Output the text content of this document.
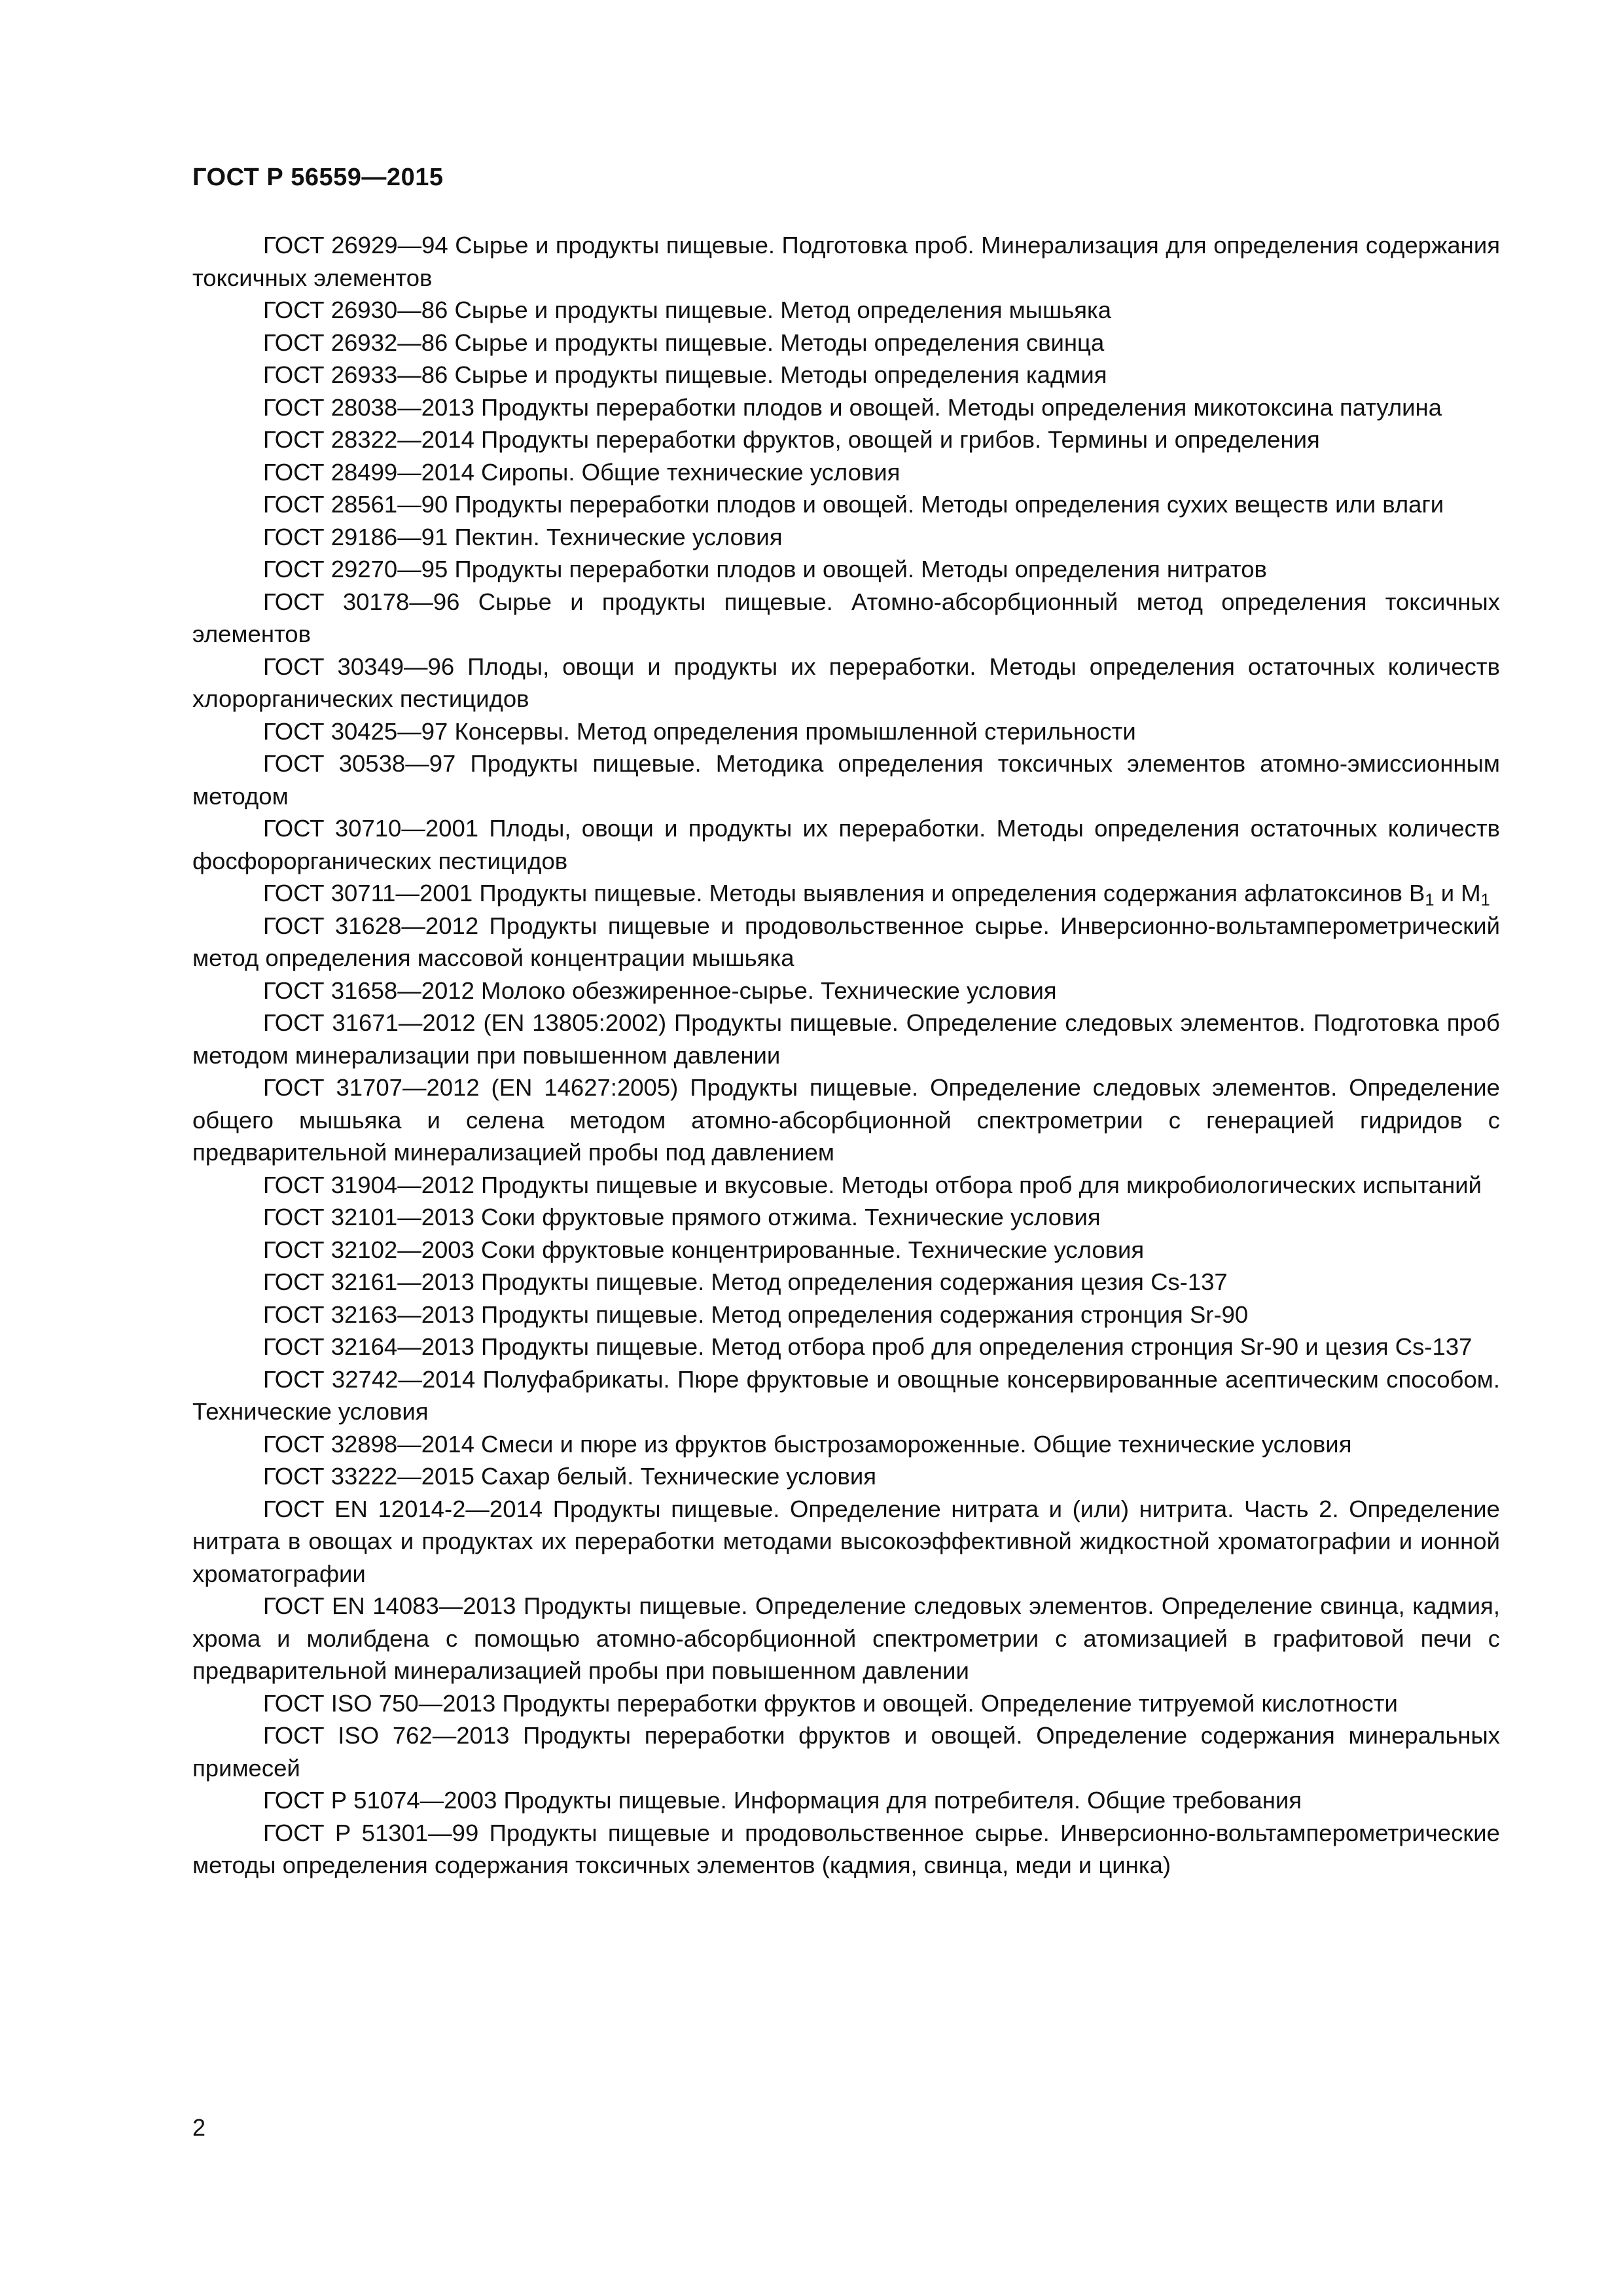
ГОСТ Р 56559—2015

ГОСТ 26929—94 Сырье и продукты пищевые. Подготовка проб. Минерализация для определения содержания токсичных элементов

ГОСТ 26930—86 Сырье и продукты пищевые. Метод определения мышьяка

ГОСТ 26932—86 Сырье и продукты пищевые. Методы определения свинца

ГОСТ 26933—86 Сырье и продукты пищевые. Методы определения кадмия

ГОСТ 28038—2013 Продукты переработки плодов и овощей. Методы определения микотоксина патулина

ГОСТ 28322—2014 Продукты переработки фруктов, овощей и грибов. Термины и определения

ГОСТ 28499—2014 Сиропы. Общие технические условия

ГОСТ 28561—90 Продукты переработки плодов и овощей. Методы определения сухих веществ или влаги

ГОСТ 29186—91 Пектин. Технические условия

ГОСТ 29270—95 Продукты переработки плодов и овощей. Методы определения нитратов

ГОСТ 30178—96 Сырье и продукты пищевые. Атомно-абсорбционный метод определения токсичных элементов

ГОСТ 30349—96 Плоды, овощи и продукты их переработки. Методы определения остаточных количеств хлорорганических пестицидов

ГОСТ 30425—97 Консервы. Метод определения промышленной стерильности

ГОСТ 30538—97 Продукты пищевые. Методика определения токсичных элементов атомно-эмиссионным методом

ГОСТ 30710—2001 Плоды, овощи и продукты их переработки. Методы определения остаточных количеств фосфорорганических пестицидов

ГОСТ 30711—2001 Продукты пищевые. Методы выявления и определения содержания афлатоксинов $B_1$ и $M_1$

ГОСТ 31628—2012 Продукты пищевые и продовольственное сырье. Инверсионно-вольтамперометрический метод определения массовой концентрации мышьяка

ГОСТ 31658—2012 Молоко обезжиренное-сырье. Технические условия

ГОСТ 31671—2012 (EN 13805:2002) Продукты пищевые. Определение следовых элементов. Подготовка проб методом минерализации при повышенном давлении

ГОСТ 31707—2012 (EN 14627:2005) Продукты пищевые. Определение следовых элементов. Определение общего мышьяка и селена методом атомно-абсорбционной спектрометрии с генерацией гидридов с предварительной минерализацией пробы под давлением

ГОСТ 31904—2012 Продукты пищевые и вкусовые. Методы отбора проб для микробиологических испытаний

ГОСТ 32101—2013 Соки фруктовые прямого отжима. Технические условия

ГОСТ 32102—2003 Соки фруктовые концентрированные. Технические условия

ГОСТ 32161—2013 Продукты пищевые. Метод определения содержания цезия Cs-137

ГОСТ 32163—2013 Продукты пищевые. Метод определения содержания стронция Sr-90

ГОСТ 32164—2013 Продукты пищевые. Метод отбора проб для определения стронция Sr-90 и цезия Cs-137

ГОСТ 32742—2014 Полуфабрикаты. Пюре фруктовые и овощные консервированные асептическим способом. Технические условия

ГОСТ 32898—2014 Смеси и пюре из фруктов быстрозамороженные. Общие технические условия

ГОСТ 33222—2015 Сахар белый. Технические условия

ГОСТ EN 12014-2—2014 Продукты пищевые. Определение нитрата и (или) нитрита. Часть 2. Определение нитрата в овощах и продуктах их переработки методами высокоэффективной жидкостной хроматографии и ионной хроматографии

ГОСТ EN 14083—2013 Продукты пищевые. Определение следовых элементов. Определение свинца, кадмия, хрома и молибдена с помощью атомно-абсорбционной спектрометрии с атомизацией в графитовой печи с предварительной минерализацией пробы при повышенном давлении

ГОСТ ISO 750—2013 Продукты переработки фруктов и овощей. Определение титруемой кислотности

ГОСТ ISO 762—2013 Продукты переработки фруктов и овощей. Определение содержания минеральных примесей

ГОСТ Р 51074—2003 Продукты пищевые. Информация для потребителя. Общие требования

ГОСТ Р 51301—99 Продукты пищевые и продовольственное сырье. Инверсионно-вольтамперометрические методы определения содержания токсичных элементов (кадмия, свинца, меди и цинка)

2
